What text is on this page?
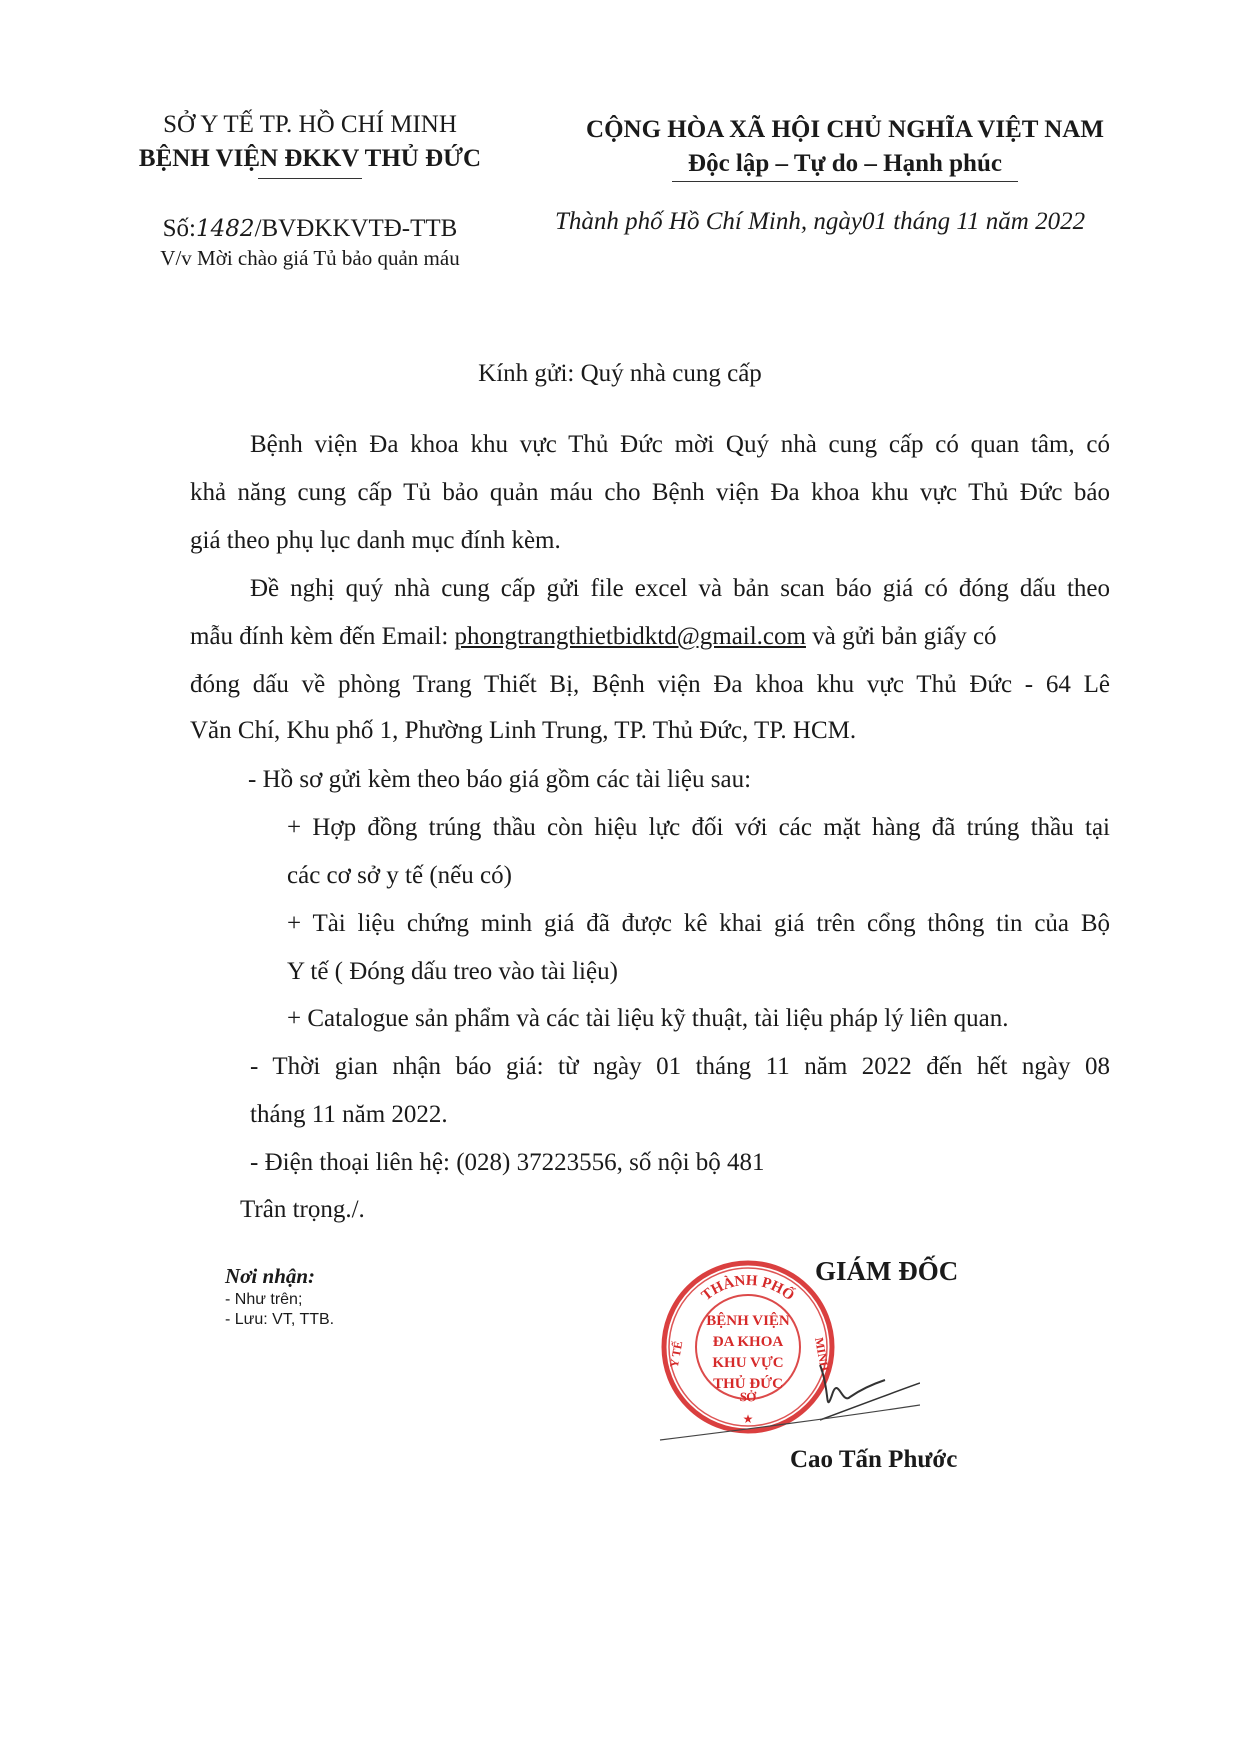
SỞ Y TẾ TP. HỒ CHÍ MINH
BỆNH VIỆN ĐKKV THỦ ĐỨC
Số:1482/BVĐKKVTĐ-TTB
V/v Mời chào giá Tủ bảo quản máu
CỘNG HÒA XÃ HỘI CHỦ NGHĨA VIỆT NAM
Độc lập – Tự do – Hạnh phúc
Thành phố Hồ Chí Minh, ngày01 tháng 11 năm 2022
Kính gửi: Quý nhà cung cấp
Bệnh viện Đa khoa khu vực Thủ Đức mời Quý nhà cung cấp có quan tâm, có
khả năng cung cấp Tủ bảo quản máu cho Bệnh viện Đa khoa khu vực Thủ Đức báo
giá theo phụ lục danh mục đính kèm.
Đề nghị quý nhà cung cấp gửi file excel và bản scan báo giá có đóng dấu theo
mẫu đính kèm đến Email: phongtrangthietbidktd@gmail.com và gửi bản giấy có
đóng dấu về phòng Trang Thiết Bị, Bệnh viện Đa khoa khu vực Thủ Đức - 64 Lê
Văn Chí, Khu phố 1, Phường Linh Trung, TP. Thủ Đức, TP. HCM.
- Hồ sơ gửi kèm theo báo giá gồm các tài liệu sau:
+ Hợp đồng trúng thầu còn hiệu lực đối với các mặt hàng đã trúng thầu tại
các cơ sở y tế (nếu có)
+ Tài liệu chứng minh giá đã được kê khai giá trên cổng thông tin của Bộ
Y tế ( Đóng dấu treo vào tài liệu)
+ Catalogue sản phẩm và các tài liệu kỹ thuật, tài liệu pháp lý liên quan.
- Thời gian nhận báo giá: từ ngày 01 tháng 11 năm 2022 đến hết ngày 08
tháng 11 năm 2022.
- Điện thoại liên hệ: (028) 37223556, số nội bộ 481
Trân trọng./.
Nơi nhận:
- Như trên;
- Lưu: VT, TTB.
GIÁM ĐỐC
THÀNH PHỐ
SỞ
Y TẾ	MINH
BỆNH VIỆN
ĐA KHOA
KHU VỰC
THỦ ĐỨC
★
Cao Tấn Phước
